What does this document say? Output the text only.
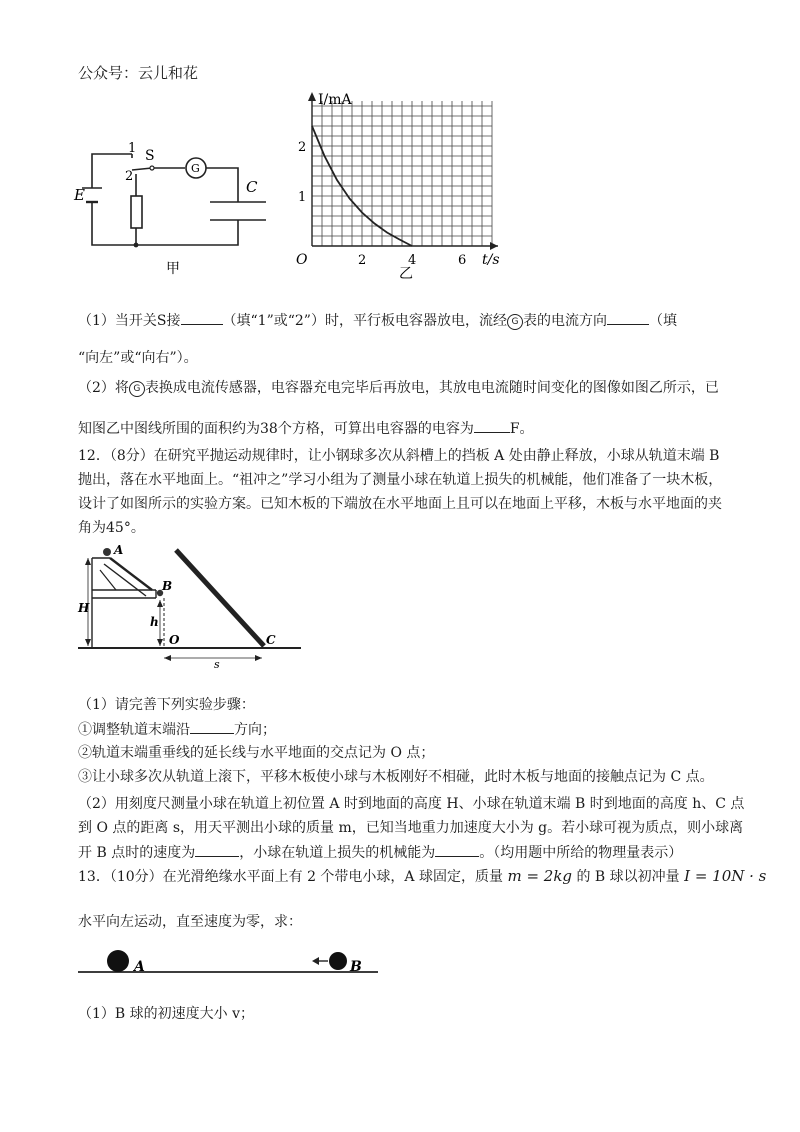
公众号：云儿和花
E
1
2
S
G
C
甲
2	4	6
1
2
I/mA
t/s
O
乙
（1）当开关S接	（填“1”或“2”）时，平行板电容器放电，流经 G 表的电流方向	（填
“向左”或“向右”）。
（2）将 G 表换成电流传感器，电容器充电完毕后再放电，其放电电流随时间变化的图像如图乙所示，已
知图乙中图线所围的面积约为38个方格，可算出电容器的电容为	F。
12．（8分）在研究平抛运动规律时，让小钢球多次从斜槽上的挡板 A 处由静止释放，小球从轨道末端 B
抛出，落在水平地面上。“祖冲之”学习小组为了测量小球在轨道上损失的机械能，他们准备了一块木板，
设计了如图所示的实验方案。已知木板的下端放在水平地面上且可以在地面上平移，木板与水平地面的夹
角为45°。
A
B
H
h
O	C
s
（1）请完善下列实验步骤：
①调整轨道末端沿	方向；
②轨道末端重垂线的延长线与水平地面的交点记为 O 点；
③让小球多次从轨道上滚下，平移木板使小球与木板刚好不相碰，此时木板与地面的接触点记为 C 点。
（2）用刻度尺测量小球在轨道上初位置 A 时到地面的高度 H、小球在轨道末端 B 时到地面的高度 h、C 点
到 O 点的距离 s，用天平测出小球的质量 m，已知当地重力加速度大小为 g。若小球可视为质点，则小球离
开 B 点时的速度为	，小球在轨道上损失的机械能为	。（均用题中所给的物理量表示）
13．（10分）在光滑绝缘水平面上有 2 个带电小球，A 球固定，质量 m = 2kg 的 B 球以初冲量 I = 10N · s
水平向左运动，直至速度为零，求：
A	B
（1）B 球的初速度大小 v；
